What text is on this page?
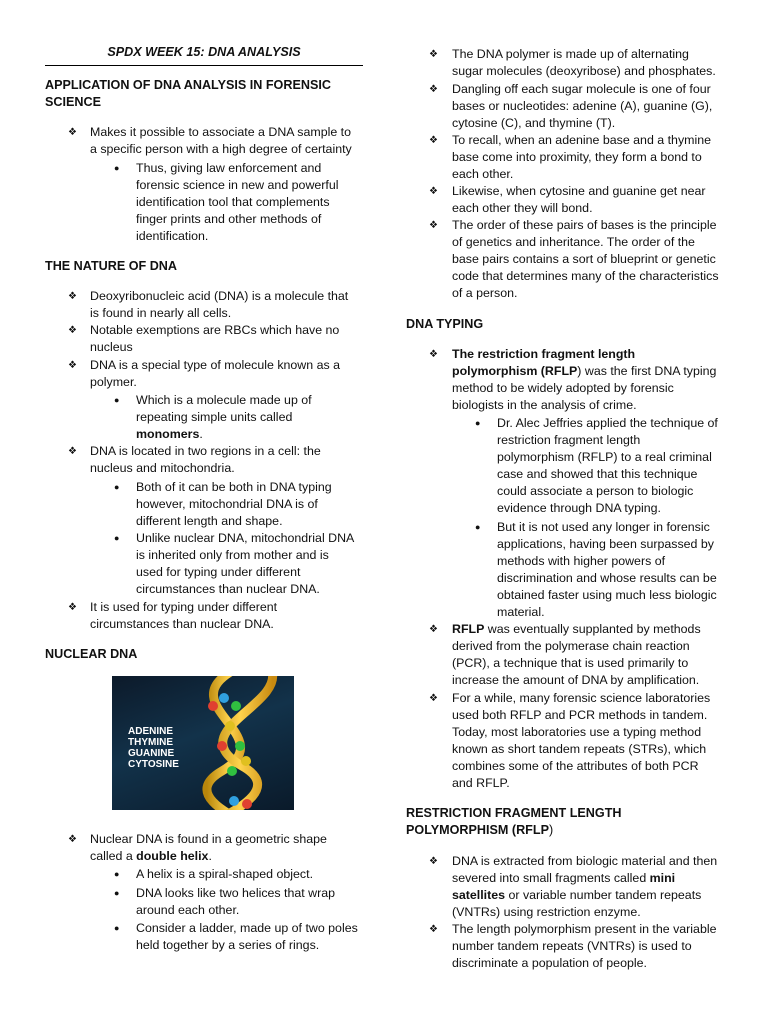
SPDX WEEK 15: DNA ANALYSIS
APPLICATION OF DNA ANALYSIS IN FORENSIC
SCIENCE
❖ Makes it possible to associate a DNA sample to
a specific person with a high degree of certainty
● Thus, giving law enforcement and
forensic science in new and powerful
identification tool that complements
finger prints and other methods of
identification.
THE NATURE OF DNA
❖ Deoxyribonucleic acid (DNA) is a molecule that
is found in nearly all cells.
❖ Notable exemptions are RBCs which have no
nucleus
❖ DNA is a special type of molecule known as a
polymer.
● Which is a molecule made up of
repeating simple units called
monomers.
❖ DNA is located in two regions in a cell: the
nucleus and mitochondria.
● Both of it can be both in DNA typing
however, mitochondrial DNA is of
different length and shape.
● Unlike nuclear DNA, mitochondrial DNA
is inherited only from mother and is
used for typing under different
circumstances than nuclear DNA.
❖ It is used for typing under different
circumstances than nuclear DNA.
NUCLEAR DNA
ADENINE
THYMINE
GUANINE
CYTOSINE
❖ Nuclear DNA is found in a geometric shape
called a double helix.
● A helix is a spiral-shaped object.
● DNA looks like two helices that wrap
around each other.
● Consider a ladder, made up of two poles
held together by a series of rings.
❖ The DNA polymer is made up of alternating
sugar molecules (deoxyribose) and phosphates.
❖ Dangling off each sugar molecule is one of four
bases or nucleotides: adenine (A), guanine (G),
cytosine (C), and thymine (T).
❖ To recall, when an adenine base and a thymine
base come into proximity, they form a bond to
each other.
❖ Likewise, when cytosine and guanine get near
each other they will bond.
❖ The order of these pairs of bases is the principle
of genetics and inheritance. The order of the
base pairs contains a sort of blueprint or genetic
code that determines many of the characteristics
of a person.
DNA TYPING
❖ The restriction fragment length
polymorphism (RFLP) was the first DNA typing
method to be widely adopted by forensic
biologists in the analysis of crime.
● Dr. Alec Jeffries applied the technique of
restriction fragment length
polymorphism (RFLP) to a real criminal
case and showed that this technique
could associate a person to biologic
evidence through DNA typing.
● But it is not used any longer in forensic
applications, having been surpassed by
methods with higher powers of
discrimination and whose results can be
obtained faster using much less biologic
material.
❖ RFLP was eventually supplanted by methods
derived from the polymerase chain reaction
(PCR), a technique that is used primarily to
increase the amount of DNA by amplification.
❖ For a while, many forensic science laboratories
used both RFLP and PCR methods in tandem.
Today, most laboratories use a typing method
known as short tandem repeats (STRs), which
combines some of the attributes of both PCR
and RFLP.
RESTRICTION FRAGMENT LENGTH
POLYMORPHISM (RFLP)
❖ DNA is extracted from biologic material and then
severed into small fragments called mini
satellites or variable number tandem repeats
(VNTRs) using restriction enzyme.
❖ The length polymorphism present in the variable
number tandem repeats (VNTRs) is used to
discriminate a population of people.
